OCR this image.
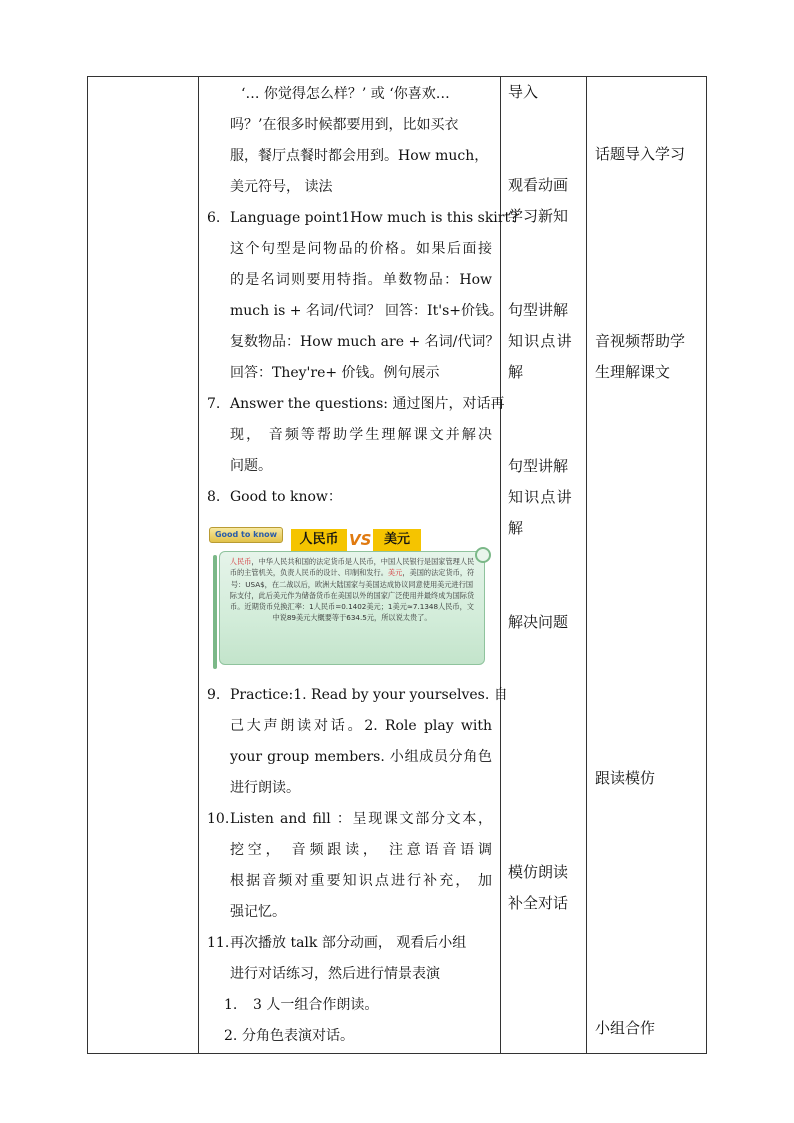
‘… 你觉得怎么样？’ 或 ‘你喜欢…
吗？’在很多时候都要用到，比如买衣
服，餐厅点餐时都会用到。How much，
美元符号， 读法
6. Language point1How much is this skirt?
这个句型是问物品的价格。如果后面接
的是名词则要用特指。单数物品：How
much is + 名词/代词？ 回答：It's+价钱。
复数物品：How much are + 名词/代词？
回答：They're+ 价钱。例句展示
7. Answer the questions: 通过图片，对话再
现， 音频等帮助学生理解课文并解决
问题。
8. Good to know：
Good to know	人民币 VS 美元
人民币，中华人民共和国的法定货币是人民币，中国人民银行是国家管理人民币的主管机关，负责人民币的设计、印制和发行。美元，美国的法定货币，符号：USA$，在二战以后，欧洲大陆国家与美国达成协议同意使用美元进行国际支付，此后美元作为储备货币在美国以外的国家广泛使用并最终成为国际货币。近期货币兑换汇率：1人民币=0.1402美元；1美元≈7.1348人民币，文中说89美元大概要等于634.5元，所以说太贵了。
9. Practice:1. Read by your yourselves. 自
己大声朗读对话。2. Role play with
your group members. 小组成员分角色
进行朗读。
10. Listen and fill ：呈现课文部分文本，
挖空， 音频跟读， 注意语音语调
根据音频对重要知识点进行补充， 加
强记忆。
11. 再次播放 talk 部分动画， 观看后小组
进行对话练习，然后进行情景表演
1. 3 人一组合作朗读。
2. 分角色表演对话。
导入
观看动画
学习新知
句型讲解
知识点讲
解
句型讲解
知识点讲
解
解决问题
模仿朗读
补全对话
话题导入学习
音视频帮助学
生理解课文
跟读模仿
小组合作
